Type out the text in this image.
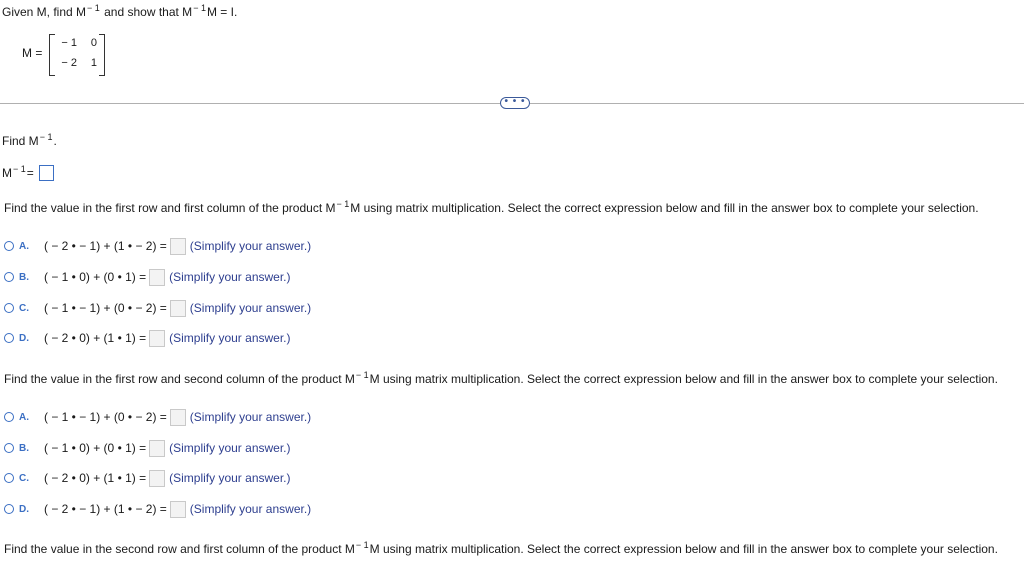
Given M, find $M^{- 1}$ and show that $M^{- 1}M = I$.
M =
− 1	0
− 2	1
• • •
Find $M^{- 1}$.
$M^{- 1}=$
Find the value in the first row and first column of the product $M^{- 1}M$ using matrix multiplication. Select the correct expression below and fill in the answer box to complete your selection.
A.	( − 2 • − 1) + (1 • − 2) = (Simplify your answer.)
B.	( − 1 • 0) + (0 • 1) = (Simplify your answer.)
C.	( − 1 • − 1) + (0 • − 2) = (Simplify your answer.)
D.	( − 2 • 0) + (1 • 1) = (Simplify your answer.)
Find the value in the first row and second column of the product $M^{- 1}M$ using matrix multiplication. Select the correct expression below and fill in the answer box to complete your selection.
A.	( − 1 • − 1) + (0 • − 2) = (Simplify your answer.)
B.	( − 1 • 0) + (0 • 1) = (Simplify your answer.)
C.	( − 2 • 0) + (1 • 1) = (Simplify your answer.)
D.	( − 2 • − 1) + (1 • − 2) = (Simplify your answer.)
Find the value in the second row and first column of the product $M^{- 1}M$ using matrix multiplication. Select the correct expression below and fill in the answer box to complete your selection.
